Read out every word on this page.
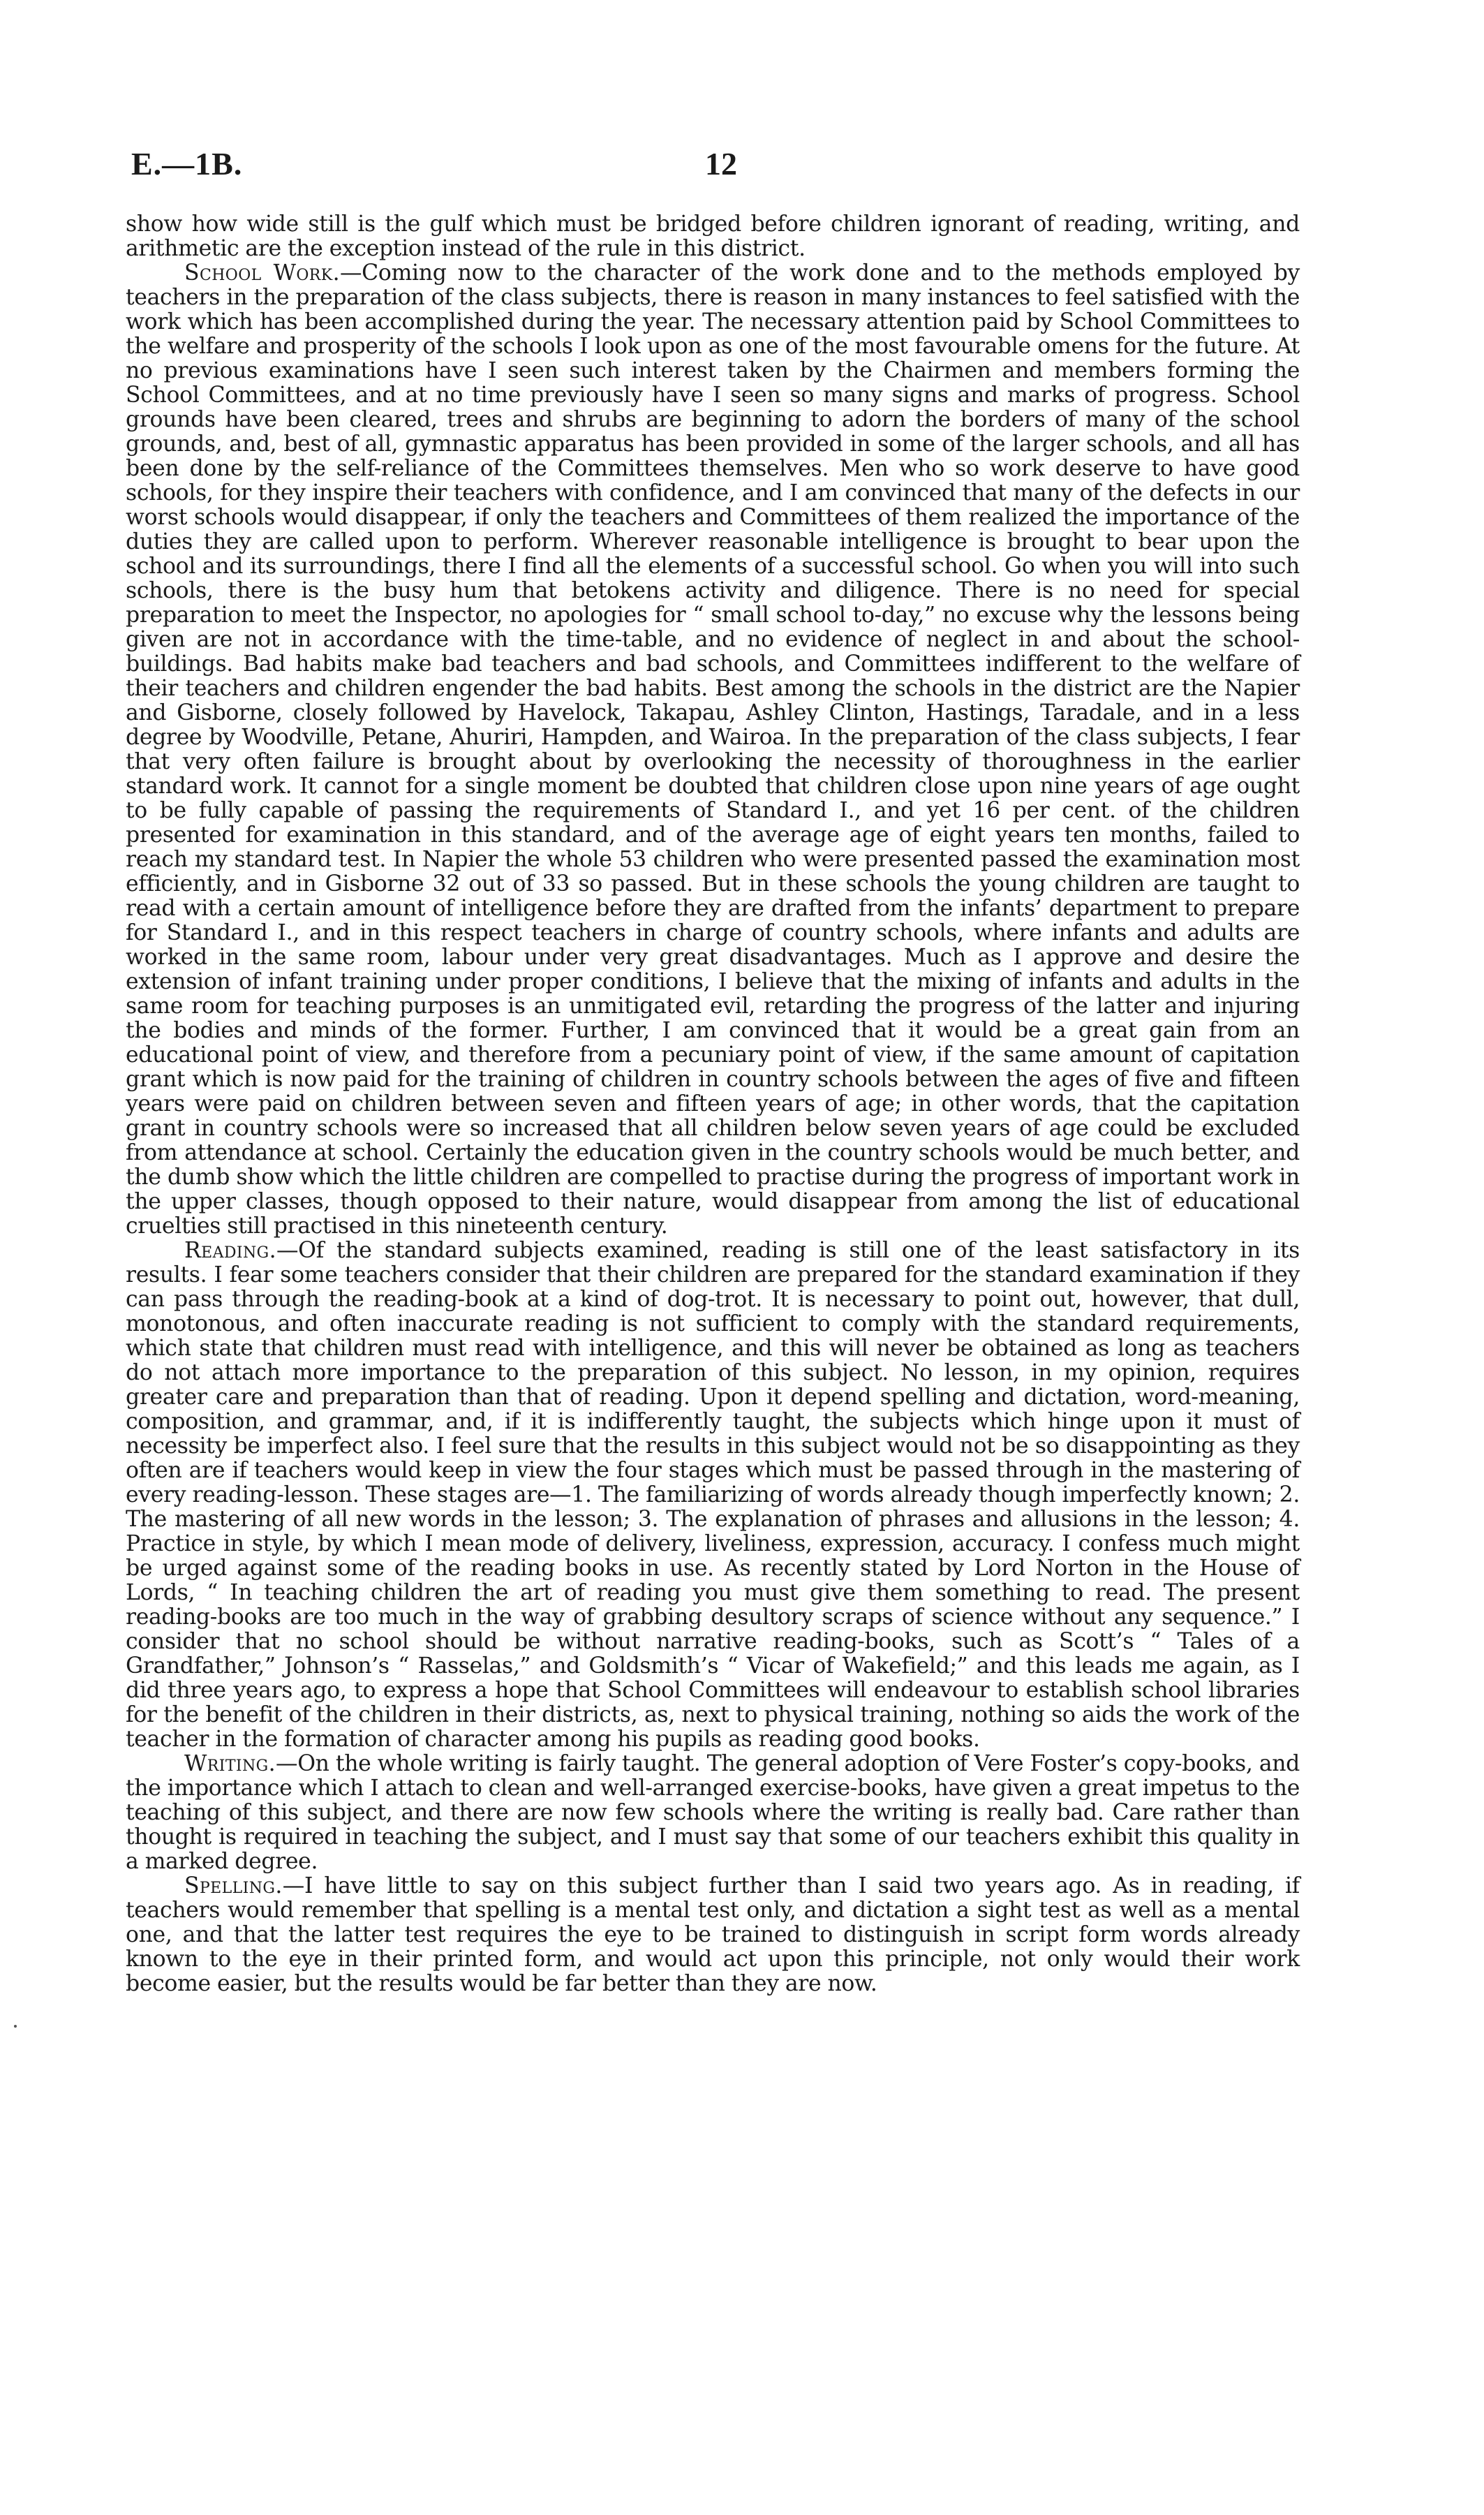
E.—1B.	12

show how wide still is the gulf which must be bridged before children ignorant of reading, writing, and arithmetic are the exception instead of the rule in this district.

School Work.—Coming now to the character of the work done and to the methods employed by teachers in the preparation of the class subjects, there is reason in many instances to feel satisfied with the work which has been accomplished during the year. The necessary attention paid by School Committees to the welfare and prosperity of the schools I look upon as one of the most favourable omens for the future. At no previous examinations have I seen such interest taken by the Chairmen and members forming the School Committees, and at no time previously have I seen so many signs and marks of progress. School grounds have been cleared, trees and shrubs are beginning to adorn the borders of many of the school grounds, and, best of all, gymnastic apparatus has been provided in some of the larger schools, and all has been done by the self-reliance of the Committees themselves. Men who so work deserve to have good schools, for they inspire their teachers with confidence, and I am convinced that many of the defects in our worst schools would disappear, if only the teachers and Committees of them realized the importance of the duties they are called upon to perform. Wherever reasonable intelligence is brought to bear upon the school and its surroundings, there I find all the elements of a successful school. Go when you will into such schools, there is the busy hum that betokens activity and diligence. There is no need for special preparation to meet the Inspector, no apologies for “ small school to-day,” no excuse why the lessons being given are not in accordance with the time-table, and no evidence of neglect in and about the school-buildings. Bad habits make bad teachers and bad schools, and Committees indifferent to the welfare of their teachers and children engender the bad habits. Best among the schools in the district are the Napier and Gisborne, closely followed by Havelock, Takapau, Ashley Clinton, Hastings, Taradale, and in a less degree by Woodville, Petane, Ahuriri, Hampden, and Wairoa. In the preparation of the class subjects, I fear that very often failure is brought about by overlooking the necessity of thoroughness in the earlier standard work. It cannot for a single moment be doubted that children close upon nine years of age ought to be fully capable of passing the requirements of Standard I., and yet 16 per cent. of the children presented for examination in this standard, and of the average age of eight years ten months, failed to reach my standard test. In Napier the whole 53 children who were presented passed the examination most efficiently, and in Gisborne 32 out of 33 so passed. But in these schools the young children are taught to read with a certain amount of intelligence before they are drafted from the infants’ department to prepare for Standard I., and in this respect teachers in charge of country schools, where infants and adults are worked in the same room, labour under very great disadvantages. Much as I approve and desire the extension of infant training under proper conditions, I believe that the mixing of infants and adults in the same room for teaching purposes is an unmitigated evil, retarding the progress of the latter and injuring the bodies and minds of the former. Further, I am convinced that it would be a great gain from an educational point of view, and therefore from a pecuniary point of view, if the same amount of capitation grant which is now paid for the training of children in country schools between the ages of five and fifteen years were paid on children between seven and fifteen years of age; in other words, that the capitation grant in country schools were so increased that all children below seven years of age could be excluded from attendance at school. Certainly the education given in the country schools would be much better, and the dumb show which the little children are compelled to practise during the progress of important work in the upper classes, though opposed to their nature, would disappear from among the list of educational cruelties still practised in this nineteenth century.

Reading.—Of the standard subjects examined, reading is still one of the least satisfactory in its results. I fear some teachers consider that their children are prepared for the standard examination if they can pass through the reading-book at a kind of dog-trot. It is necessary to point out, however, that dull, monotonous, and often inaccurate reading is not sufficient to comply with the standard requirements, which state that children must read with intelligence, and this will never be obtained as long as teachers do not attach more importance to the preparation of this subject. No lesson, in my opinion, requires greater care and preparation than that of reading. Upon it depend spelling and dictation, word-meaning, composition, and grammar, and, if it is indifferently taught, the subjects which hinge upon it must of necessity be imperfect also. I feel sure that the results in this subject would not be so disappointing as they often are if teachers would keep in view the four stages which must be passed through in the mastering of every reading-lesson. These stages are—1. The familiarizing of words already though imperfectly known; 2. The mastering of all new words in the lesson; 3. The explanation of phrases and allusions in the lesson; 4. Practice in style, by which I mean mode of delivery, liveliness, expression, accuracy. I confess much might be urged against some of the reading books in use. As recently stated by Lord Norton in the House of Lords, “ In teaching children the art of reading you must give them something to read. The present reading-books are too much in the way of grabbing desultory scraps of science without any sequence.” I consider that no school should be without narrative reading-books, such as Scott’s “ Tales of a Grandfather,” Johnson’s “ Rasselas,” and Goldsmith’s “ Vicar of Wakefield;” and this leads me again, as I did three years ago, to express a hope that School Committees will endeavour to establish school libraries for the benefit of the children in their districts, as, next to physical training, nothing so aids the work of the teacher in the formation of character among his pupils as reading good books.

Writing.—On the whole writing is fairly taught. The general adoption of Vere Foster’s copy-books, and the importance which I attach to clean and well-arranged exercise-books, have given a great impetus to the teaching of this subject, and there are now few schools where the writing is really bad. Care rather than thought is required in teaching the subject, and I must say that some of our teachers exhibit this quality in a marked degree.

Spelling.—I have little to say on this subject further than I said two years ago. As in reading, if teachers would remember that spelling is a mental test only, and dictation a sight test as well as a mental one, and that the latter test requires the eye to be trained to distinguish in script form words already known to the eye in their printed form, and would act upon this principle, not only would their work become easier, but the results would be far better than they are now.
